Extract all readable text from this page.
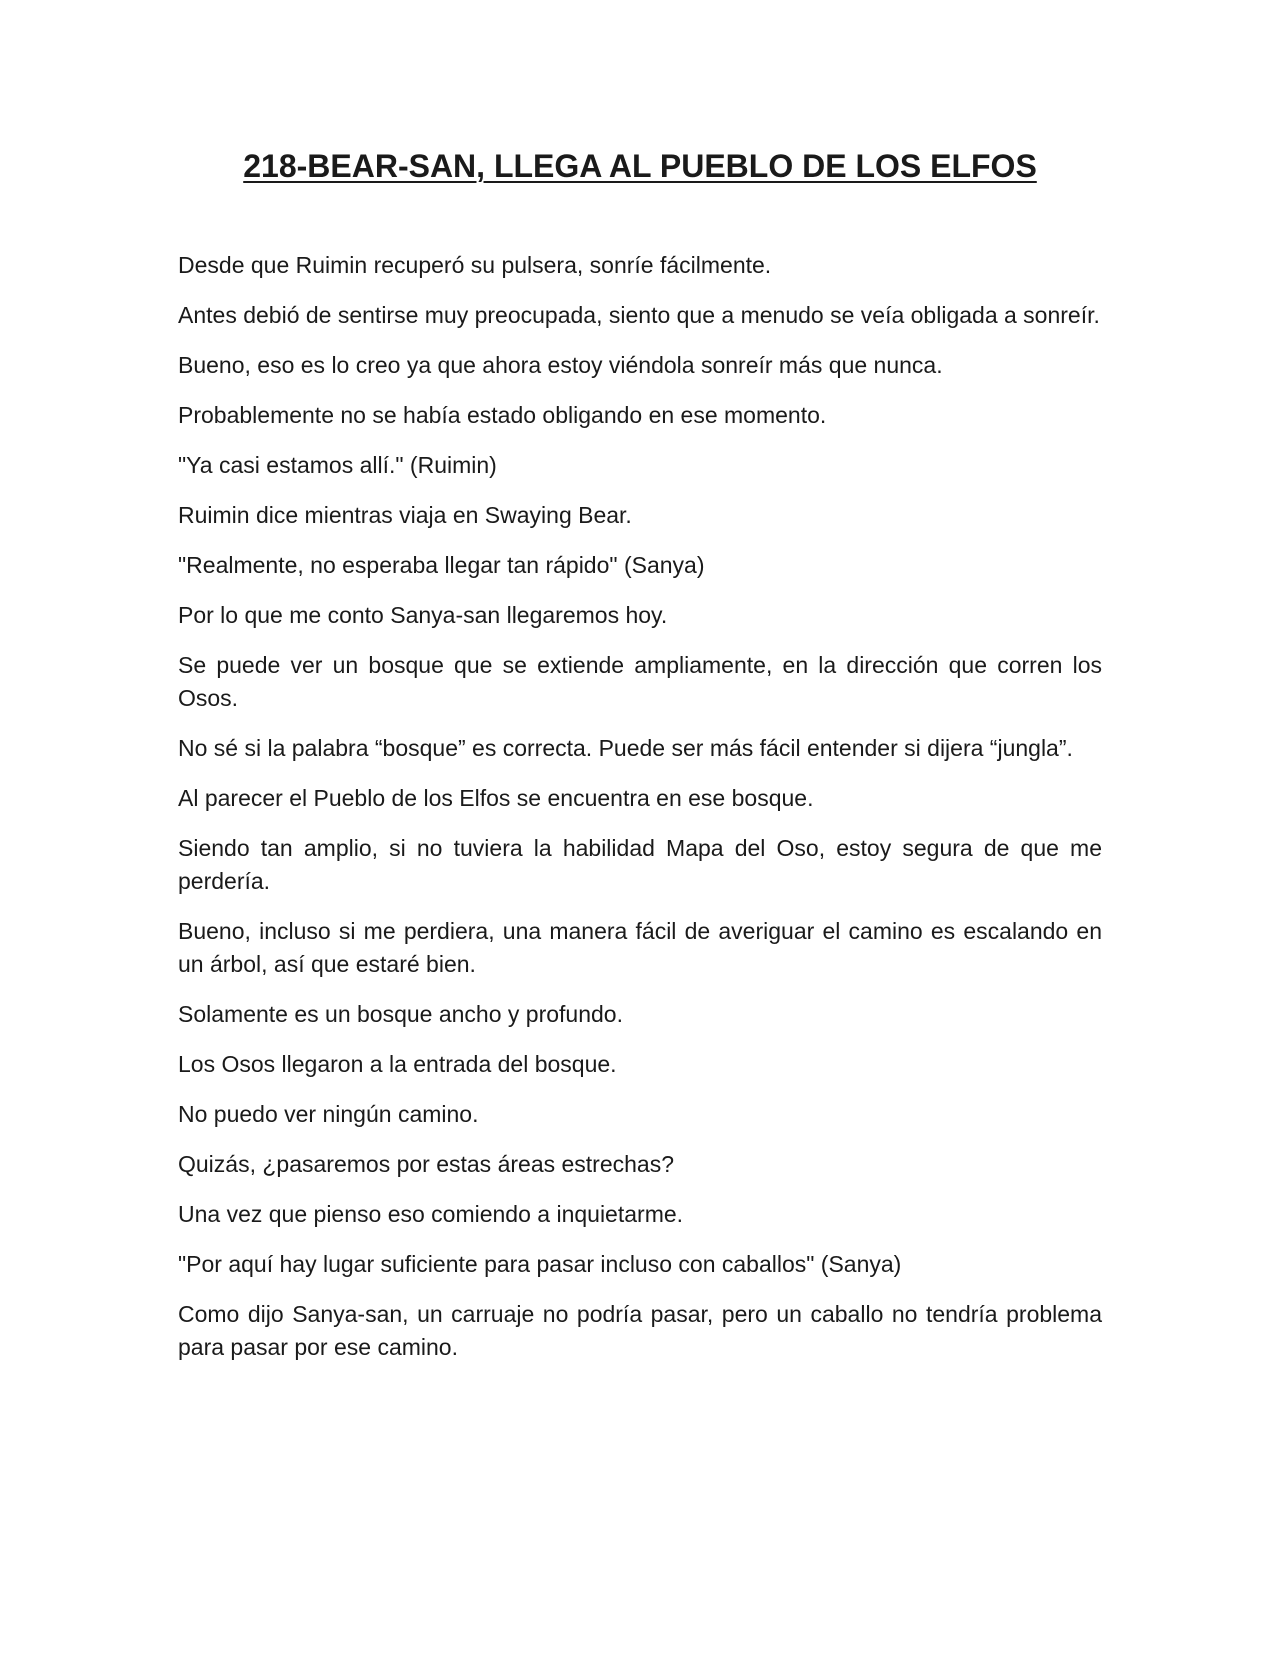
218-BEAR-SAN, LLEGA AL PUEBLO DE LOS ELFOS

Desde que Ruimin recuperó su pulsera, sonríe fácilmente.

Antes debió de sentirse muy preocupada, siento que a menudo se veía obligada a sonreír.

Bueno, eso es lo creo ya que ahora estoy viéndola sonreír más que nunca.

Probablemente no se había estado obligando en ese momento.

"Ya casi estamos allí." (Ruimin)

Ruimin dice mientras viaja en Swaying Bear.

"Realmente, no esperaba llegar tan rápido" (Sanya)

Por lo que me conto Sanya-san llegaremos hoy.

Se puede ver un bosque que se extiende ampliamente, en la dirección que corren los Osos.

No sé si la palabra “bosque” es correcta. Puede ser más fácil entender si dijera “jungla”.

Al parecer el Pueblo de los Elfos se encuentra en ese bosque.

Siendo tan amplio, si no tuviera la habilidad Mapa del Oso, estoy segura de que me perdería.

Bueno, incluso si me perdiera, una manera fácil de averiguar el camino es escalando en un árbol, así que estaré bien.

Solamente es un bosque ancho y profundo.

Los Osos llegaron a la entrada del bosque.

No puedo ver ningún camino.

Quizás, ¿pasaremos por estas áreas estrechas?

Una vez que pienso eso comiendo a inquietarme.

"Por aquí hay lugar suficiente para pasar incluso con caballos" (Sanya)

Como dijo Sanya-san, un carruaje no podría pasar, pero un caballo no tendría problema para pasar por ese camino.
